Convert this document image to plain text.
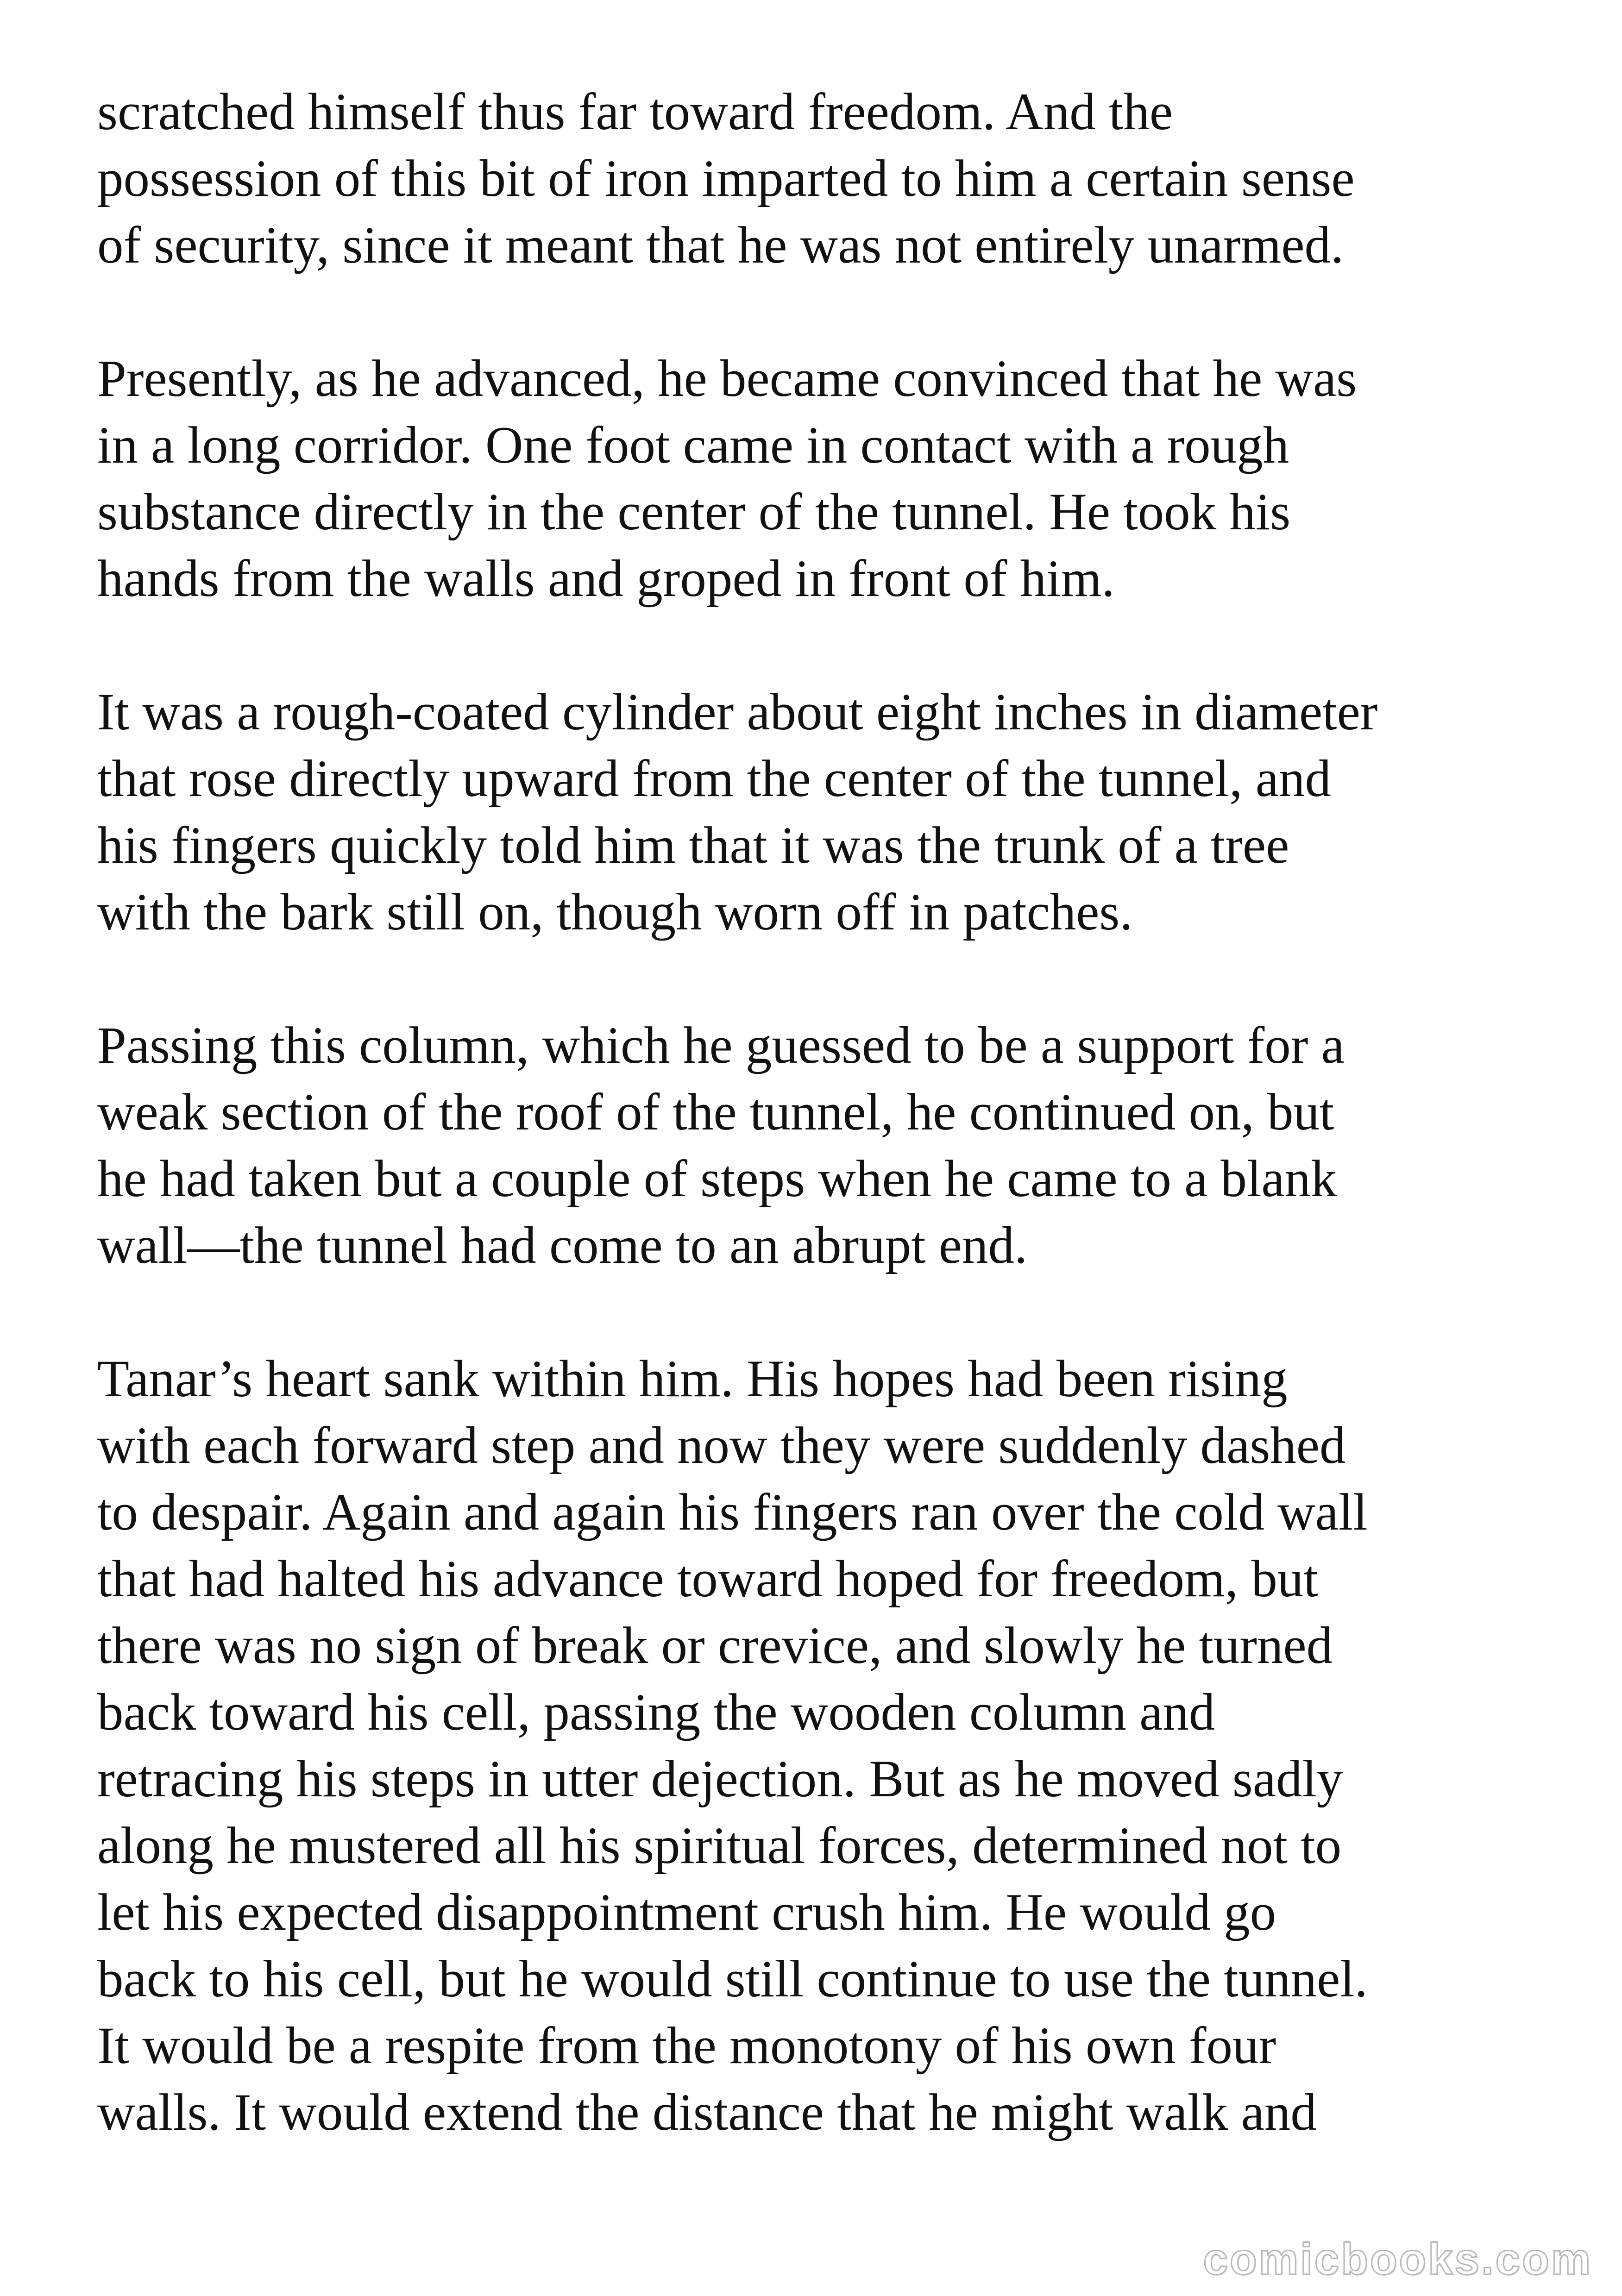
scratched himself thus far toward freedom. And the
possession of this bit of iron imparted to him a certain sense
of security, since it meant that he was not entirely unarmed.

Presently, as he advanced, he became convinced that he was
in a long corridor. One foot came in contact with a rough
substance directly in the center of the tunnel. He took his
hands from the walls and groped in front of him.

It was a rough-coated cylinder about eight inches in diameter
that rose directly upward from the center of the tunnel, and
his fingers quickly told him that it was the trunk of a tree
with the bark still on, though worn off in patches.

Passing this column, which he guessed to be a support for a
weak section of the roof of the tunnel, he continued on, but
he had taken but a couple of steps when he came to a blank
wall—the tunnel had come to an abrupt end.

Tanar’s heart sank within him. His hopes had been rising
with each forward step and now they were suddenly dashed
to despair. Again and again his fingers ran over the cold wall
that had halted his advance toward hoped for freedom, but
there was no sign of break or crevice, and slowly he turned
back toward his cell, passing the wooden column and
retracing his steps in utter dejection. But as he moved sadly
along he mustered all his spiritual forces, determined not to
let his expected disappointment crush him. He would go
back to his cell, but he would still continue to use the tunnel.
It would be a respite from the monotony of his own four
walls. It would extend the distance that he might walk and

comicbooks.com
